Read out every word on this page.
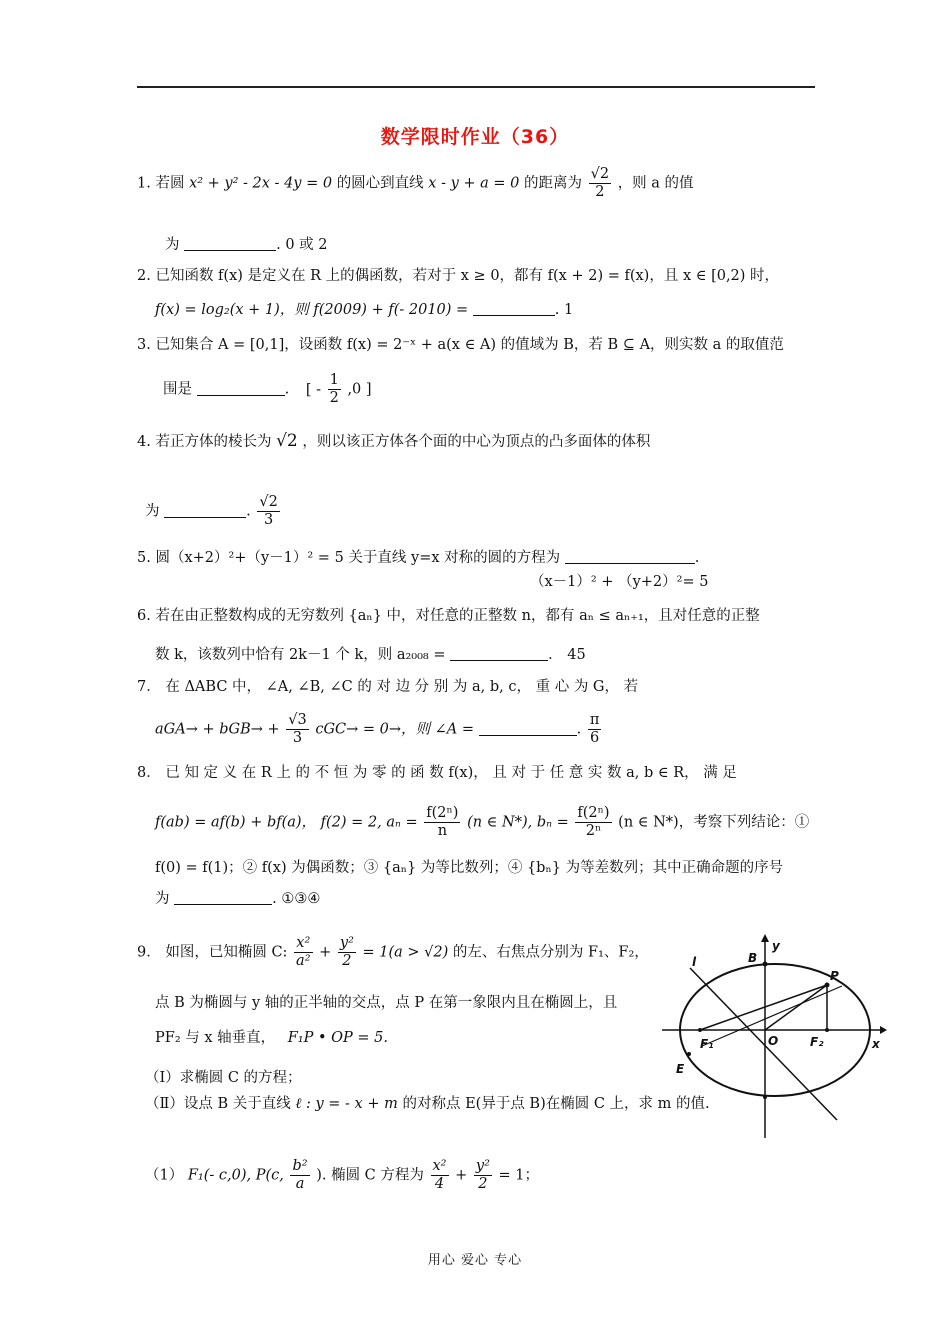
数学限时作业（36）
1. 若圆 x² + y² - 2x - 4y = 0 的圆心到直线 x - y + a = 0 的距离为 $\frac{√2}{2}$ ，则 a 的值
为	. 0 或 2
2. 已知函数 f(x) 是定义在 R 上的偶函数，若对于 x ≥ 0，都有 f(x + 2) = f(x)，且 x ∈ [0,2) 时，
f(x) = log₂(x + 1)，则 f(2009) + f(- 2010) =	. 1
3. 已知集合 A = [0,1]，设函数 f(x) = 2⁻ˣ + a(x ∈ A) 的值域为 B，若 B ⊆ A，则实数 a 的取值范
围是	. [ - $\frac{1}{2} ,0$ ]
4. 若正方体的棱长为 √2 ，则以该正方体各个面的中心为顶点的凸多面体的体积
为	. $\frac{√2}{3}$
5. 圆（x+2）²+（y－1）² = 5 关于直线 y=x 对称的圆的方程为	.
（x－1）² + （y+2）²= 5
6. 若在由正整数构成的无穷数列 {aₙ} 中，对任意的正整数 n，都有 aₙ ≤ aₙ₊₁，且对任意的正整
数 k，该数列中恰有 2k－1 个 k，则 a₂₀₀₈ =	． 45
7． 在 ΔABC 中， ∠A, ∠B, ∠C 的 对 边 分 别 为 a, b, c， 重 心 为 G， 若
$aGA\to + bGB\to + \frac{√3}{3} cGC\to = 0\to$，则 ∠A =	. $\frac{\pi}{6}$
8． 已 知 定 义 在 R 上 的 不 恒 为 零 的 函 数 f(x)， 且 对 于 任 意 实 数 a, b ∈ R， 满 足
f(ab) = af(b) + bf(a)， f(2) = 2, $a_n = \frac{\text{f(2ⁿ)}}{n} (n$ ∈ N*), $b_n = \frac{\text{f(2ⁿ)}}{\text{2ⁿ}} (n$ ∈ N*)，考察下列结论：①
f(0) = f(1)；② f(x) 为偶函数；③ {aₙ} 为等比数列；④ {bₙ} 为等差数列；其中正确命题的序号
为	. ①③④
9． 如图，已知椭圆 C: $\frac{\text{x²}}{\text{a²}} + \frac{\text{y²}}{2} = 1(a > √2)$ 的左、右焦点分别为 F₁、F₂，
点 B 为椭圆与 y 轴的正半轴的交点，点 P 在第一象限内且在椭圆上，且
PF₂ 与 x 轴垂直， F₁P • OP = 5.
（Ⅰ）求椭圆 C 的方程；
（Ⅱ）设点 B 关于直线 ℓ : y = - x + m 的对称点 E(异于点 B)在椭圆 C 上，求 m 的值.
（1） F₁(- c,0), P(c, $\frac{\text{b²}}{a}$ ). 椭圆 C 方程为 $\frac{\text{x²}}{4} + \frac{\text{y²}}{2} = 1$；
y
x
B
P
l
F₁	O	F₂
E
用心 爱心 专心
